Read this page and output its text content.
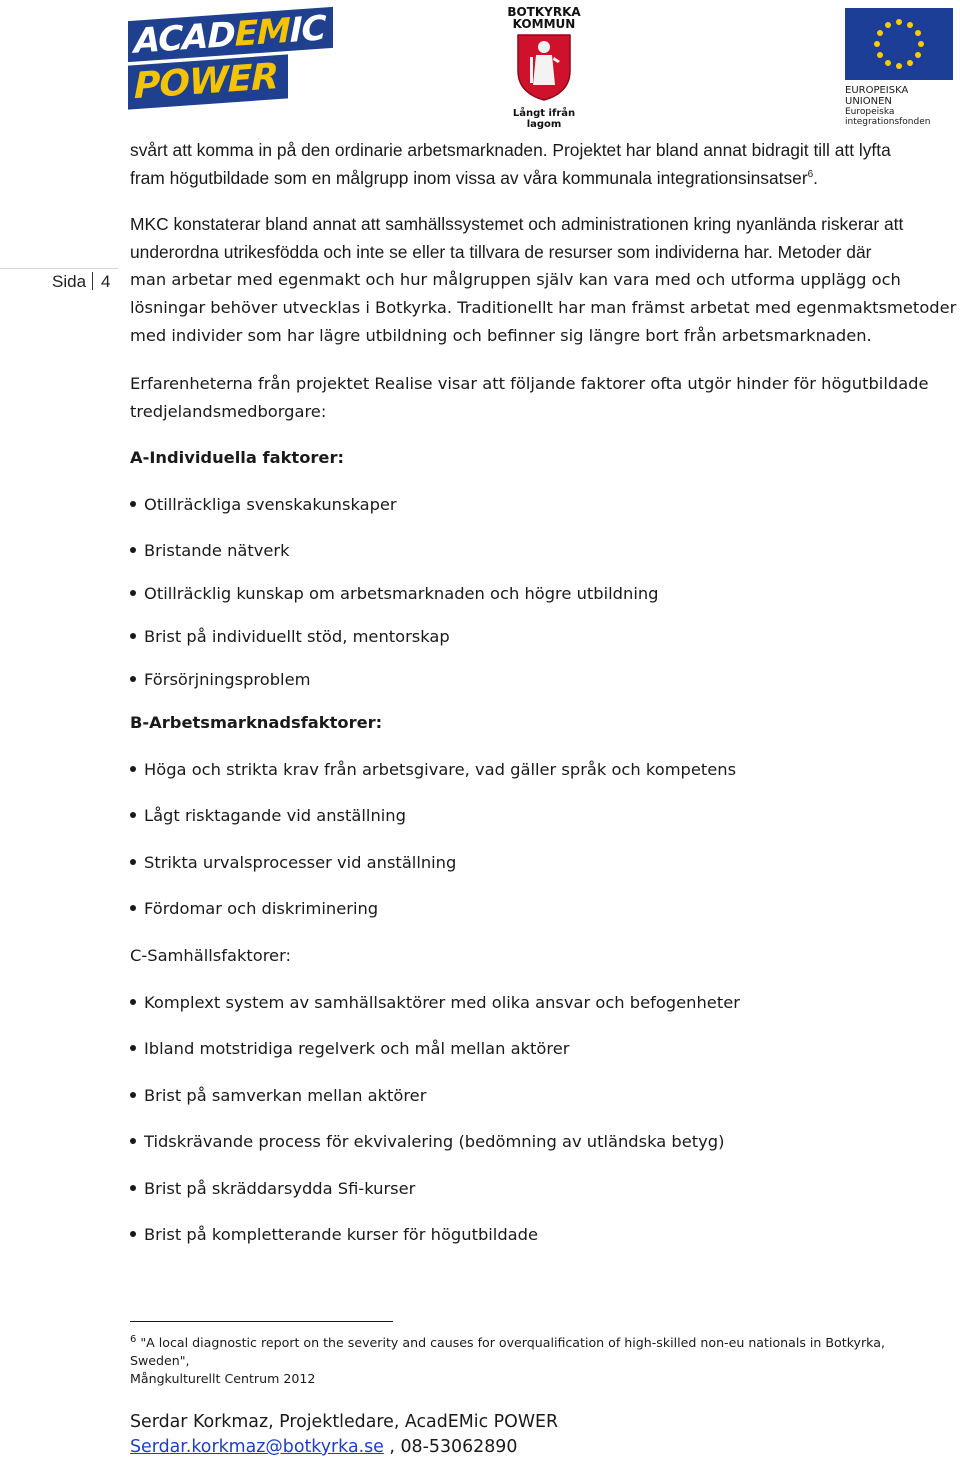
ACADEMIC
POWER
BOTKYRKA
KOMMUN
Långt ifrån lagom
EUROPEISKA UNIONEN
Europeiska integrationsfonden
Sida 4
svårt att komma in på den ordinarie arbetsmarknaden. Projektet har bland annat bidragit till att lyfta
fram högutbildade som en målgrupp inom vissa av våra kommunala integrationsinsatser$^6$.
MKC konstaterar bland annat att samhällssystemet och administrationen kring nyanlända riskerar att
underordna utrikesfödda och inte se eller ta tillvara de resurser som individerna har. Metoder där
man arbetar med egenmakt och hur målgruppen själv kan vara med och utforma upplägg och
lösningar behöver utvecklas i Botkyrka. Traditionellt har man främst arbetat med egenmaktsmetoder
med individer som har lägre utbildning och befinner sig längre bort från arbetsmarknaden.
Erfarenheterna från projektet Realise visar att följande faktorer ofta utgör hinder för högutbildade
tredjelandsmedborgare:
A-Individuella faktorer:
Otillräckliga svenskakunskaper
Bristande nätverk
Otillräcklig kunskap om arbetsmarknaden och högre utbildning
Brist på individuellt stöd, mentorskap
Försörjningsproblem
B-Arbetsmarknadsfaktorer:
Höga och strikta krav från arbetsgivare, vad gäller språk och kompetens
Lågt risktagande vid anställning
Strikta urvalsprocesser vid anställning
Fördomar och diskriminering
C-Samhällsfaktorer:
Komplext system av samhällsaktörer med olika ansvar och befogenheter
Ibland motstridiga regelverk och mål mellan aktörer
Brist på samverkan mellan aktörer
Tidskrävande process för ekvivalering (bedömning av utländska betyg)
Brist på skräddarsydda Sfi-kurser
Brist på kompletterande kurser för högutbildade
$^6$ "A local diagnostic report on the severity and causes for overqualification of high-skilled non-eu nationals in Botkyrka, Sweden",
Mångkulturellt Centrum 2012
Serdar Korkmaz, Projektledare, AcadEMic POWER
Serdar.korkmaz@botkyrka.se , 08-53062890
